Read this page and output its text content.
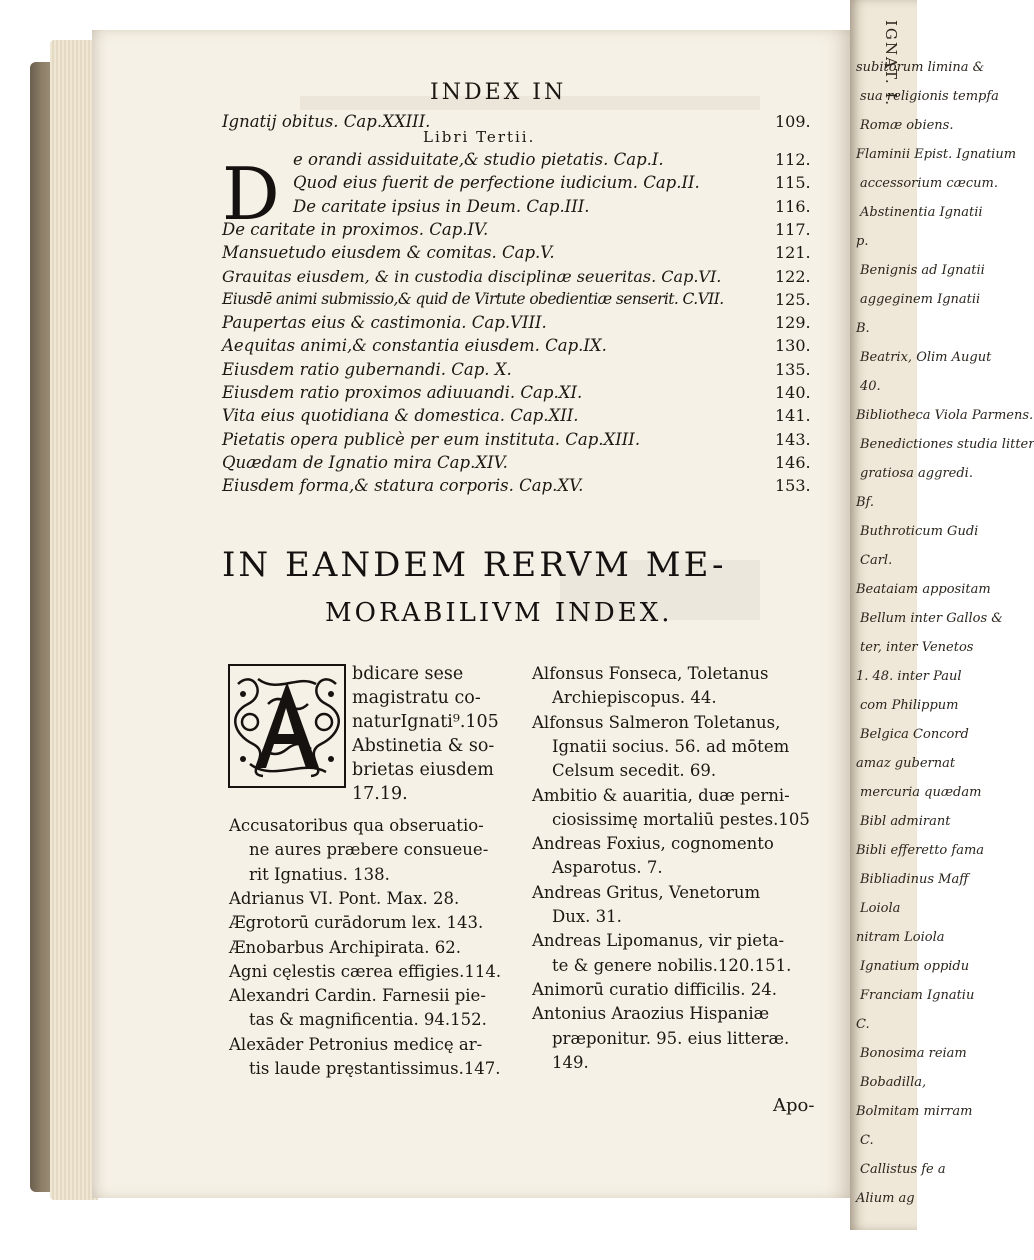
subitorum limina &
sua religionis tempfa
Romæ obiens.
Flaminii Epist. Ignatium
accessorium cæcum.
Abstinentia Ignatii
p.
Benignis ad Ignatii
aggeginem Ignatii
B.
Beatrix, Olim Augut
40.
Bibliotheca Viola Parmens.
Benedictiones studia litter
gratiosa aggredi.
Bf.
Buthroticum Gudi
Carl.
Beataiam appositam
Bellum inter Gallos &
ter, inter Venetos
1. 48. inter Paul
com Philippum
Belgica Concord
amaz gubernat
mercuria quædam
Bibl admirant
Bibli efferetto fama
Bibliadinus Maff
Loiola
nitram Loiola
Ignatium oppidu
Franciam Ignatiu
C.
Bonosima reiam
Bobadilla,
Bolmitam mirram
C.
Callistus fe a
Alium ag
IGNAT. I.
INDEX IN
Ignatij obitus. Cap.XXIII.	109.
Libri Tertii.
D e orandi assiduitate,& studio pietatis. Cap.I.	112.
Quod eius fuerit de perfectione iudicium. Cap.II.	115.
De caritate ipsius in Deum. Cap.III.	116.
De caritate in proximos. Cap.IV.	117.
Mansuetudo eiusdem & comitas. Cap.V.	121.
Grauitas eiusdem, & in custodia disciplinæ seueritas. Cap.VI.	122.
Eiusdē animi submissio,& quid de Virtute obedientiæ senserit. C.VII.	125.
Paupertas eius & castimonia. Cap.VIII.	129.
Aequitas animi,& constantia eiusdem. Cap.IX.	130.
Eiusdem ratio gubernandi. Cap. X.	135.
Eiusdem ratio proximos adiuuandi. Cap.XI.	140.
Vita eius quotidiana & domestica. Cap.XII.	141.
Pietatis opera publicè per eum instituta. Cap.XIII.	143.
Quædam de Ignatio mira Cap.XIV.	146.
Eiusdem forma,& statura corporis. Cap.XV.	153.
IN EANDEM RERVM ME-
MORABILIVM INDEX.
bdicare sese
magistratu co-
naturIgnati⁹.105
Abstinetia & so-
brietas eiusdem
17.19.
Accusatoribus qua obseruatio-
ne aures præbere consueue-
rit Ignatius. 138.
Adrianus VI. Pont. Max. 28.
Ægrotorū curādorum lex. 143.
Ænobarbus Archipirata. 62.
Agni cęlestis cærea effigies.114.
Alexandri Cardin. Farnesii pie-
tas & magnificentia. 94.152.
Alexāder Petronius medicę ar-
tis laude pręstantissimus.147.
Alfonsus Fonseca, Toletanus
Archiepiscopus. 44.
Alfonsus Salmeron Toletanus,
Ignatii socius. 56. ad mōtem
Celsum secedit. 69.
Ambitio & auaritia, duæ perni-
ciosissimę mortaliū pestes.105
Andreas Foxius, cognomento
Asparotus. 7.
Andreas Gritus, Venetorum
Dux. 31.
Andreas Lipomanus, vir pieta-
te & genere nobilis.120.151.
Animorū curatio difficilis. 24.
Antonius Araozius Hispaniæ
præponitur. 95. eius litteræ.
149.
Apo-
